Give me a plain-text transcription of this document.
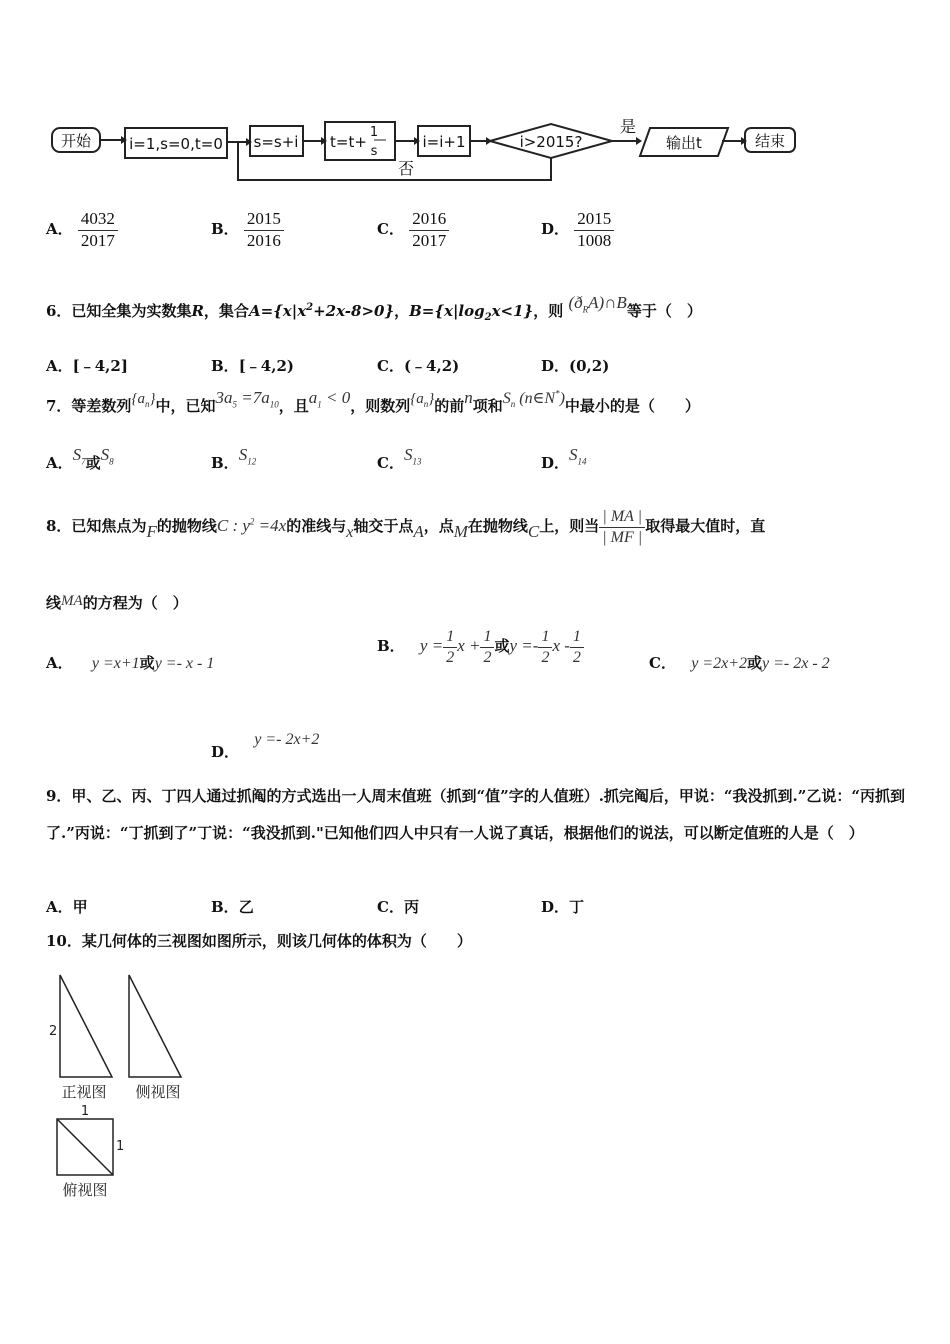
开始	i=1,s=0,t=0 s=s+i t=t+
1
s
i=i+1	i>2015?
是
否
输出t	结束
A． $\frac{4032}{2017}$	B． $\frac{2015}{2016}$	C． $\frac{2016}{2017}$	D． $\frac{2015}{1008}$
6．已知全集为实数集R，集合$A=\{x|x^2+2x-8>0\}$，$B=\{x|\log_2x<1\}$，则 $(ð_RA)\cap B$等于（　）
A．[﹣4,2]	B．[﹣4,2)	C．(﹣4,2)	D．(0,2)
7．等差数列$\{a_n\}$中，已知$3a_5 =7a_{10}$，且$a_1 < 0$，则数列$\{a_n\}$的前n项和$S_n$ (n∈N*)中最小的是（　　）
A．$S_7$或$S_8$	B．$S_{12}$	C．$S_{13}$	D．$S_{14}$
8．已知焦点为F的抛物线C : $y^2 =4x$的准线与x轴交于点A，点M在抛物线C上，则当 $\frac{| MA |}{| MF |}$ 取得最大值时，直
线MA的方程为（　）
A． y =x+1或y =- x - 1
B． $y = \frac{1}{2}$ $x + \frac{1}{2}$ 或$y =- \frac{1}{2}$ x - $\frac{1}{2}$	C． y =2x+2或y =- 2x - 2
D． y =- 2x+2
9．甲、乙、丙、丁四人通过抓阄的方式选出一人周末值班（抓到“值”字的人值班）.抓完阄后，甲说：“我没抓到.”乙说：“丙抓到了.”丙说：“丁抓到了”丁说：“我没抓到."已知他们四人中只有一人说了真话，根据他们的说法，可以断定值班的人是（　）
A．甲	B．乙	C．丙	D．丁
10．某几何体的三视图如图所示，则该几何体的体积为（　　）
2
正视图 侧视图
1
1
俯视图
